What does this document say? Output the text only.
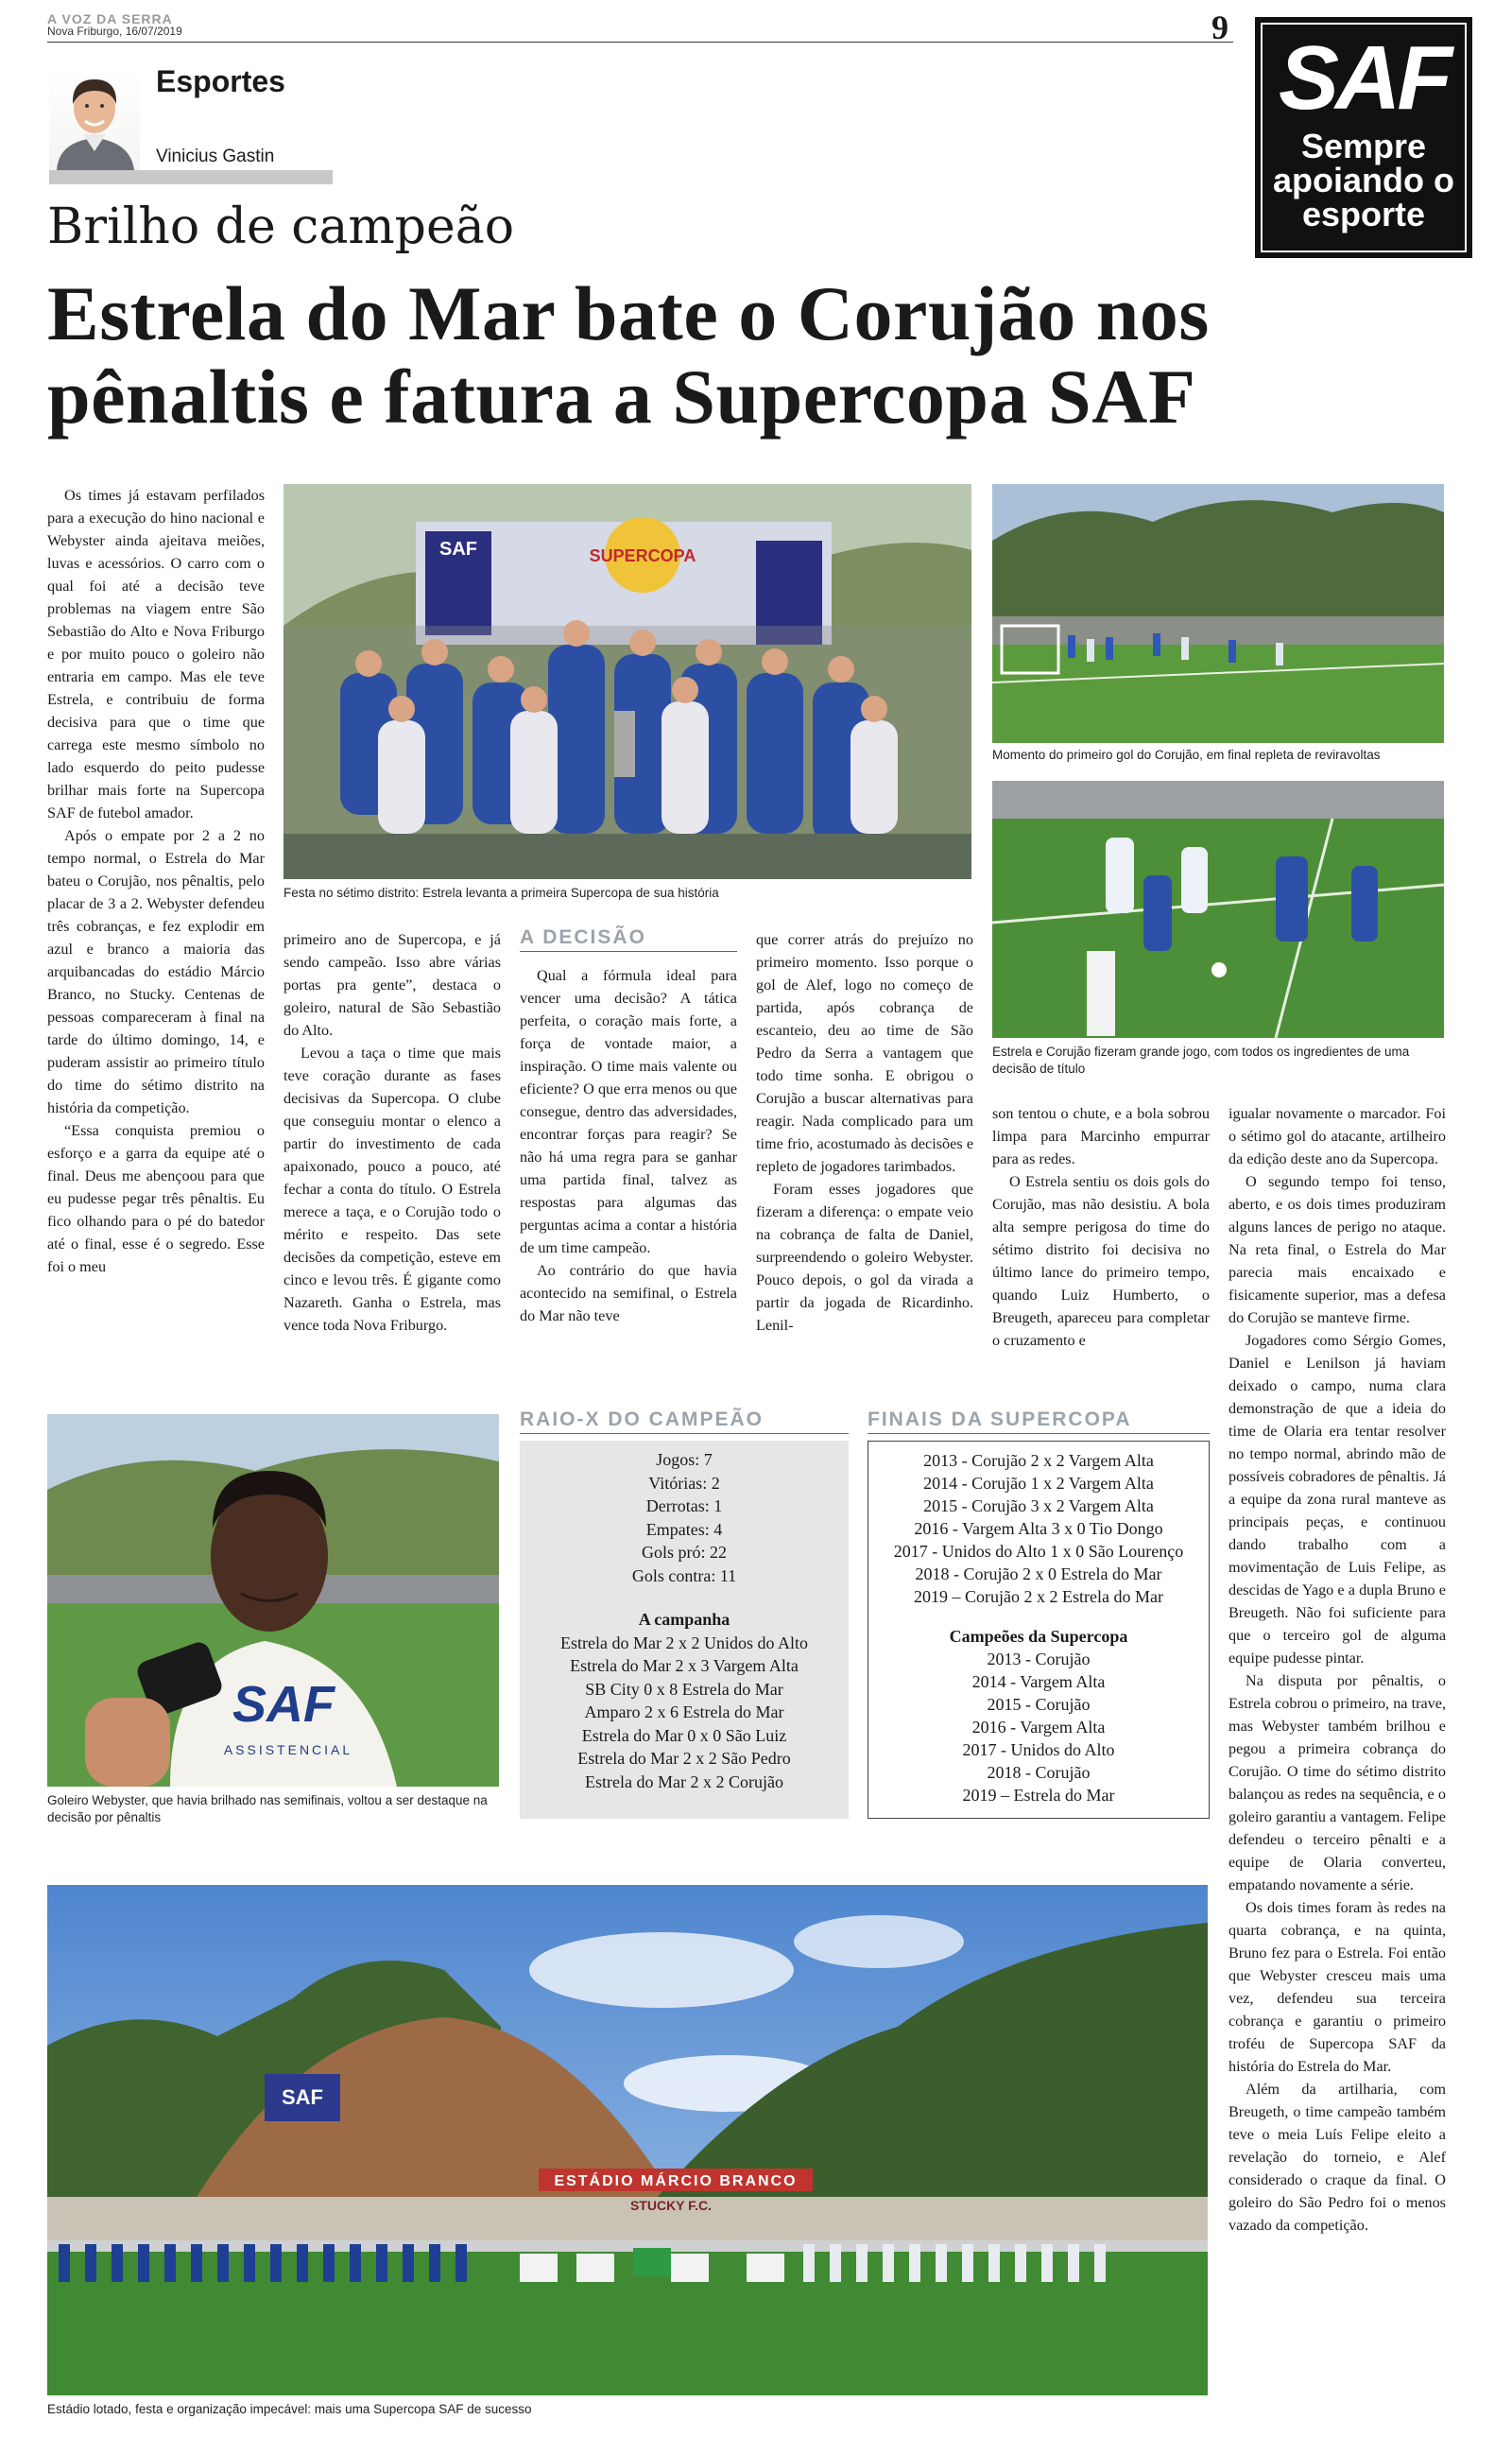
A VOZ DA SERRA
Nova Friburgo, 16/07/2019	9 SAF
Sempre
apoiando o
esporte
Esportes
Vinicius Gastin
Brilho de campeão
Estrela do Mar bate o Corujão nos pênaltis e fatura a Supercopa SAF

Os times já estavam perfilados para a execução do hino nacional e Webyster ainda ajeitava meiões, luvas e acessórios. O carro com o qual foi até a decisão teve problemas na viagem entre São Sebastião do Alto e Nova Friburgo e por muito pouco o goleiro não entraria em campo. Mas ele teve Estrela, e contribuiu de forma decisiva para que o time que carrega este mesmo símbolo no lado esquerdo do peito pudesse brilhar mais forte na Supercopa SAF de futebol amador.

Após o empate por 2 a 2 no tempo normal, o Estrela do Mar bateu o Corujão, nos pênaltis, pelo placar de 3 a 2. Webyster defendeu três cobranças, e fez explodir em azul e branco a maioria das arquibancadas do estádio Márcio Branco, no Stucky. Centenas de pessoas compareceram à final na tarde do último domingo, 14, e puderam assistir ao primeiro título do time do sétimo distrito na história da competição.

“Essa conquista premiou o esforço e a garra da equipe até o final. Deus me abençoou para que eu pudesse pegar três pênaltis. Eu fico olhando para o pé do batedor até o final, esse é o segredo. Esse foi o meu

SAF	SUPERCOPA
Festa no sétimo distrito: Estrela levanta a primeira Supercopa de sua história
Momento do primeiro gol do Corujão, em final repleta de reviravoltas
Estrela e Corujão fizeram grande jogo, com todos os ingredientes de uma decisão de título

primeiro ano de Supercopa, e já sendo campeão. Isso abre várias portas pra gente”, destaca o goleiro, natural de São Sebastião do Alto.

Levou a taça o time que mais teve coração durante as fases decisivas da Supercopa. O clube que conseguiu montar o elenco a partir do investimento de cada apaixonado, pouco a pouco, até fechar a conta do título. O Estrela merece a taça, e o Corujão todo o mérito e respeito. Das sete decisões da competição, esteve em cinco e levou três. É gigante como Nazareth. Ganha o Estrela, mas vence toda Nova Friburgo.

A DECISÃO

Qual a fórmula ideal para vencer uma decisão? A tática perfeita, o coração mais forte, a força de vontade maior, a inspiração. O time mais valente ou eficiente? O que erra menos ou que consegue, dentro das adversidades, encontrar forças para reagir? Se não há uma regra para se ganhar uma partida final, talvez as respostas para algumas das perguntas acima a contar a história de um time campeão.

Ao contrário do que havia acontecido na semifinal, o Estrela do Mar não teve

que correr atrás do prejuízo no primeiro momento. Isso porque o gol de Alef, logo no começo de partida, após cobrança de escanteio, deu ao time de São Pedro da Serra a vantagem que todo time sonha. E obrigou o Corujão a buscar alternativas para reagir. Nada complicado para um time frio, acostumado às decisões e repleto de jogadores tarimbados.

Foram esses jogadores que fizeram a diferença: o empate veio na cobrança de falta de Daniel, surpreendendo o goleiro Webyster. Pouco depois, o gol da virada a partir da jogada de Ricardinho. Lenil-

son tentou o chute, e a bola sobrou limpa para Marcinho empurrar para as redes.

O Estrela sentiu os dois gols do Corujão, mas não desistiu. A bola alta sempre perigosa do time do sétimo distrito foi decisiva no último lance do primeiro tempo, quando Luiz Humberto, o Breugeth, apareceu para completar o cruzamento e

igualar novamente o marcador. Foi o sétimo gol do atacante, artilheiro da edição deste ano da Supercopa.

O segundo tempo foi tenso, aberto, e os dois times produziram alguns lances de perigo no ataque. Na reta final, o Estrela do Mar parecia mais encaixado e fisicamente superior, mas a defesa do Corujão se manteve firme.

Jogadores como Sérgio Gomes, Daniel e Lenilson já haviam deixado o campo, numa clara demonstração de que a ideia do time de Olaria era tentar resolver no tempo normal, abrindo mão de possíveis cobradores de pênaltis. Já a equipe da zona rural manteve as principais peças, e continuou dando trabalho com a movimentação de Luis Felipe, as descidas de Yago e a dupla Bruno e Breugeth. Não foi suficiente para que o terceiro gol de alguma equipe pudesse pintar.

Na disputa por pênaltis, o Estrela cobrou o primeiro, na trave, mas Webyster também brilhou e pegou a primeira cobrança do Corujão. O time do sétimo distrito balançou as redes na sequência, e o goleiro garantiu a vantagem. Felipe defendeu o terceiro pênalti e a equipe de Olaria converteu, empatando novamente a série.

Os dois times foram às redes na quarta cobrança, e na quinta, Bruno fez para o Estrela. Foi então que Webyster cresceu mais uma vez, defendeu sua terceira cobrança e garantiu o primeiro troféu de Supercopa SAF da história do Estrela do Mar.

Além da artilharia, com Breugeth, o time campeão também teve o meia Luís Felipe eleito a revelação do torneio, e Alef considerado o craque da final. O goleiro do São Pedro foi o menos vazado da competição.

SAF
ASSISTENCIAL
Goleiro Webyster, que havia brilhado nas semifinais, voltou a ser destaque na decisão por pênaltis
RAIO-X DO CAMPEÃO
Jogos: 7
Vitórias: 2
Derrotas: 1
Empates: 4
Gols pró: 22
Gols contra: 11
A campanha
Estrela do Mar 2 x 2 Unidos do Alto
Estrela do Mar 2 x 3 Vargem Alta
SB City 0 x 8 Estrela do Mar
Amparo 2 x 6 Estrela do Mar
Estrela do Mar 0 x 0 São Luiz
Estrela do Mar 2 x 2 São Pedro
Estrela do Mar 2 x 2 Corujão
FINAIS DA SUPERCOPA
2013 - Corujão 2 x 2 Vargem Alta
2014 - Corujão 1 x 2 Vargem Alta
2015 - Corujão 3 x 2 Vargem Alta
2016 - Vargem Alta 3 x 0 Tio Dongo
2017 - Unidos do Alto 1 x 0 São Lourenço
2018 - Corujão 2 x 0 Estrela do Mar
2019 – Corujão 2 x 2 Estrela do Mar
Campeões da Supercopa
2013 - Corujão
2014 - Vargem Alta
2015 - Corujão
2016 - Vargem Alta
2017 - Unidos do Alto
2018 - Corujão
2019 – Estrela do Mar
SAF
ESTÁDIO MÁRCIO BRANCO
STUCKY F.C.
Estádio lotado, festa e organização impecável: mais uma Supercopa SAF de sucesso
